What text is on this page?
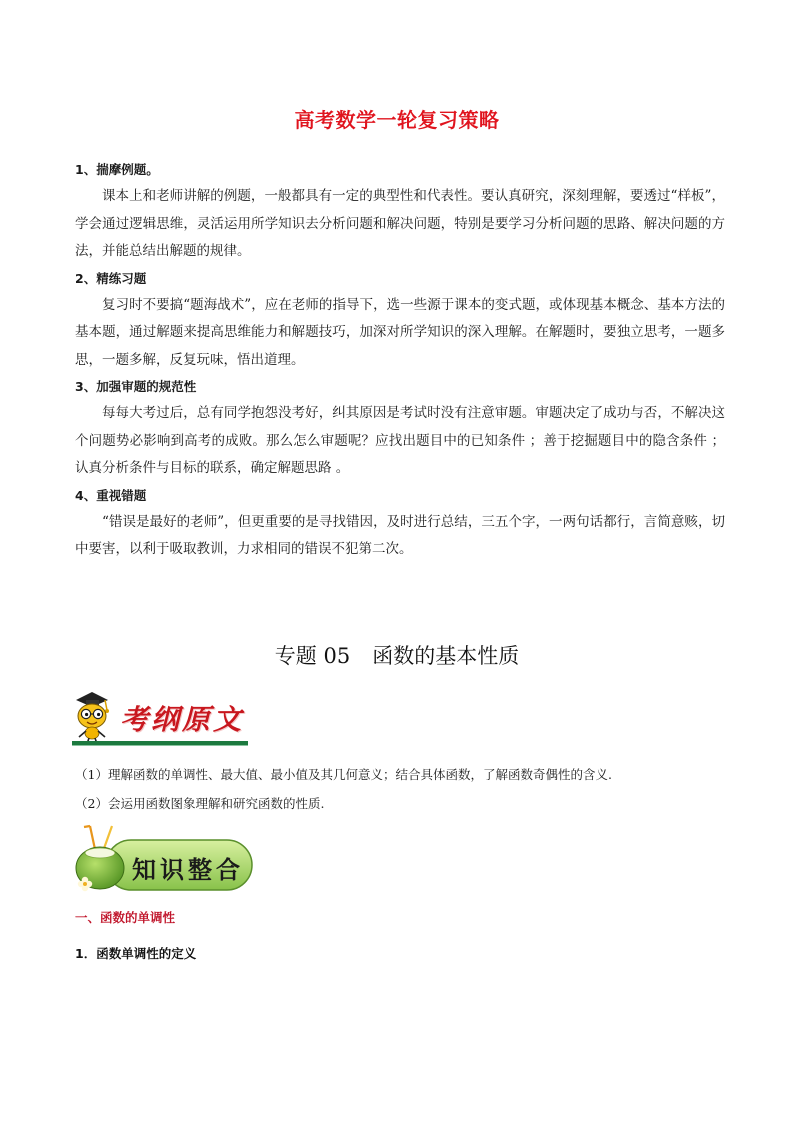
高考数学一轮复习策略
1、揣摩例题。

课本上和老师讲解的例题，一般都具有一定的典型性和代表性。要认真研究，深刻理解，要透过“样板”，学会通过逻辑思维，灵活运用所学知识去分析问题和解决问题，特别是要学习分析问题的思路、解决问题的方法，并能总结出解题的规律。

2、精练习题

复习时不要搞“题海战术”，应在老师的指导下，选一些源于课本的变式题，或体现基本概念、基本方法的基本题，通过解题来提高思维能力和解题技巧，加深对所学知识的深入理解。在解题时，要独立思考，一题多思，一题多解，反复玩味，悟出道理。

3、加强审题的规范性

每每大考过后，总有同学抱怨没考好，纠其原因是考试时没有注意审题。审题决定了成功与否，不解决这个问题势必影响到高考的成败。那么怎么审题呢？应找出题目中的已知条件 ；善于挖掘题目中的隐含条件 ；认真分析条件与目标的联系，确定解题思路 。

4、重视错题

“错误是最好的老师”，但更重要的是寻找错因，及时进行总结，三五个字，一两句话都行，言简意赅，切中要害，以利于吸取教训，力求相同的错误不犯第二次。

专题 05 函数的基本性质
考纲原文

（1）理解函数的单调性、最大值、最小值及其几何意义；结合具体函数，了解函数奇偶性的含义.

（2）会运用函数图象理解和研究函数的性质.

知识整合
一、函数的单调性
1．函数单调性的定义
